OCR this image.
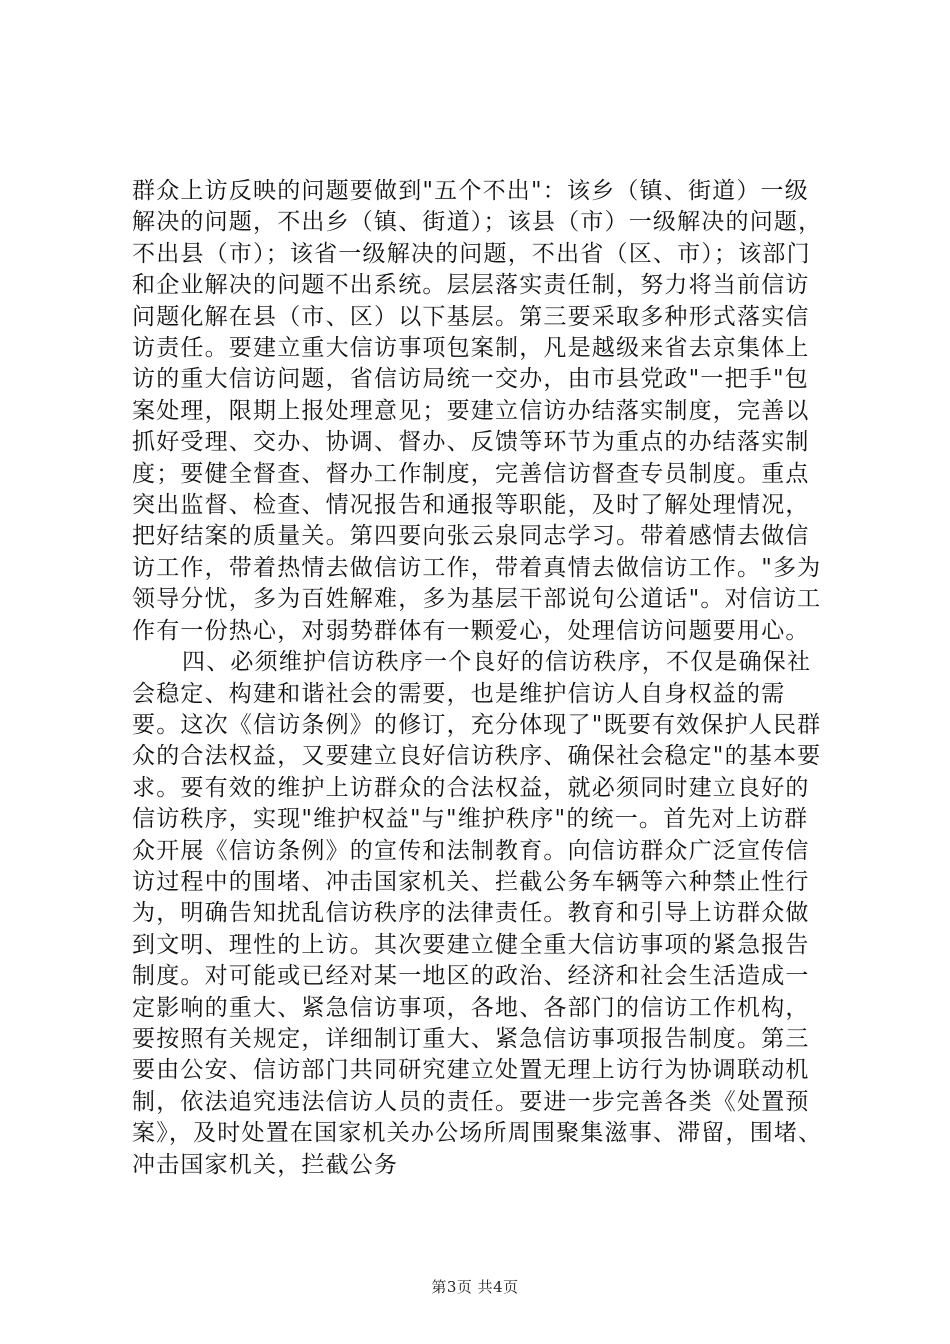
群众上访反映的问题要做到"五个不出"：该乡（镇、街道）一级解决的问题，不出乡（镇、街道）；该县（市）一级解决的问题，不出县（市）；该省一级解决的问题，不出省（区、市）；该部门和企业解决的问题不出系统。层层落实责任制，努力将当前信访问题化解在县（市、区）以下基层。第三要采取多种形式落实信访责任。要建立重大信访事项包案制，凡是越级来省去京集体上访的重大信访问题，省信访局统一交办，由市县党政"一把手"包案处理，限期上报处理意见；要建立信访办结落实制度，完善以抓好受理、交办、协调、督办、反馈等环节为重点的办结落实制度；要健全督查、督办工作制度，完善信访督查专员制度。重点突出监督、检查、情况报告和通报等职能，及时了解处理情况，把好结案的质量关。第四要向张云泉同志学习。带着感情去做信访工作，带着热情去做信访工作，带着真情去做信访工作。"多为领导分忧，多为百姓解难，多为基层干部说句公道话"。对信访工作有一份热心，对弱势群体有一颗爱心，处理信访问题要用心。

四、必须维护信访秩序一个良好的信访秩序，不仅是确保社会稳定、构建和谐社会的需要，也是维护信访人自身权益的需要。这次《信访条例》的修订，充分体现了"既要有效保护人民群众的合法权益，又要建立良好信访秩序、确保社会稳定"的基本要求。要有效的维护上访群众的合法权益，就必须同时建立良好的信访秩序，实现"维护权益"与"维护秩序"的统一。首先对上访群众开展《信访条例》的宣传和法制教育。向信访群众广泛宣传信访过程中的围堵、冲击国家机关、拦截公务车辆等六种禁止性行为，明确告知扰乱信访秩序的法律责任。教育和引导上访群众做到文明、理性的上访。其次要建立健全重大信访事项的紧急报告制度。对可能或已经对某一地区的政治、经济和社会生活造成一定影响的重大、紧急信访事项，各地、各部门的信访工作机构，要按照有关规定，详细制订重大、紧急信访事项报告制度。第三要由公安、信访部门共同研究建立处置无理上访行为协调联动机制，依法追究违法信访人员的责任。要进一步完善各类《处置预案》，及时处置在国家机关办公场所周围聚集滋事、滞留，围堵、冲击国家机关，拦截公务

第3页 共4页
